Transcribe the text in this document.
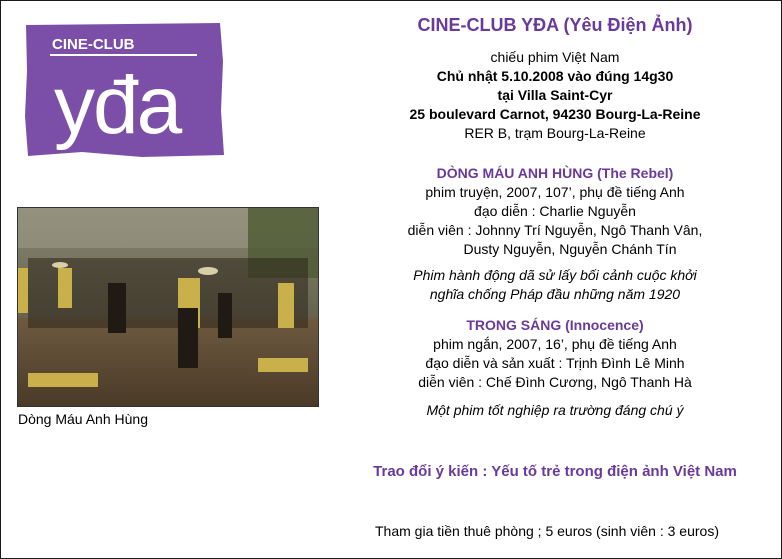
CINE-CLUB
yđa
Dòng Máu Anh Hùng
CINE-CLUB YĐA (Yêu Điện Ảnh)
chiếu phim Việt Nam
Chủ nhật 5.10.2008 vào đúng 14g30
tại Villa Saint-Cyr
25 boulevard Carnot, 94230 Bourg-La-Reine
RER B, trạm Bourg-La-Reine
DÒNG MÁU ANH HÙNG (The Rebel)
phim truyện, 2007, 107’, phụ đề tiếng Anh
đạo diễn : Charlie Nguyễn
diễn viên : Johnny Trí Nguyễn, Ngô Thanh Vân,
Dusty Nguyễn, Nguyễn Chánh Tín
Phim hành động dã sử lấy bối cảnh cuộc khởi
nghĩa chống Pháp đầu những năm 1920
TRONG SÁNG (Innocence)
phim ngắn, 2007, 16’, phụ đề tiếng Anh
đạo diễn và sản xuất : Trịnh Đình Lê Minh
diễn viên : Chế Đình Cương, Ngô Thanh Hà
Một phim tốt nghiệp ra trường đáng chú ý
Trao đổi ý kiến : Yếu tố trẻ trong điện ảnh Việt Nam
Tham gia tiền thuê phòng ; 5 euros (sinh viên : 3 euros)
